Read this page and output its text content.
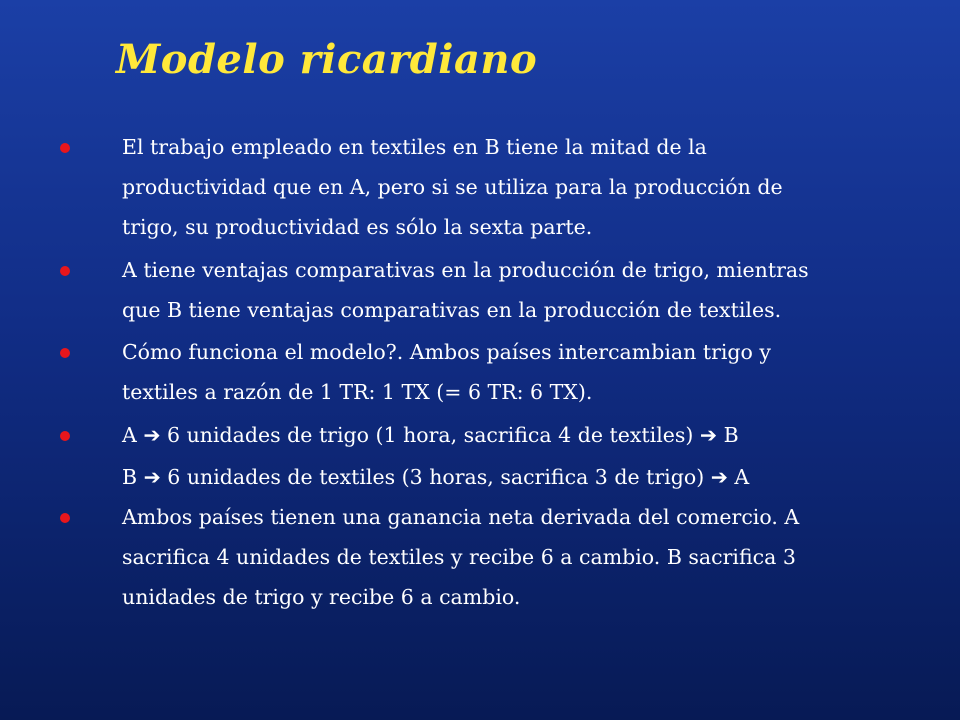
Modelo ricardiano
El trabajo empleado en textiles en B tiene la mitad de la
productividad que en A, pero si se utiliza para la producción de
trigo, su productividad es sólo la sexta parte.
A tiene ventajas comparativas en la producción de trigo, mientras
que B tiene ventajas comparativas en la producción de textiles.
Cómo funciona el modelo?. Ambos países intercambian trigo y
textiles a razón de 1 TR: 1 TX (= 6 TR: 6 TX).
A ➔ 6 unidades de trigo (1 hora, sacrifica 4 de textiles) ➔ B
B ➔ 6 unidades de textiles (3 horas, sacrifica 3 de trigo) ➔ A
Ambos países tienen una ganancia neta derivada del comercio. A
sacrifica 4 unidades de textiles y recibe 6 a cambio. B sacrifica 3
unidades de trigo y recibe 6 a cambio.
